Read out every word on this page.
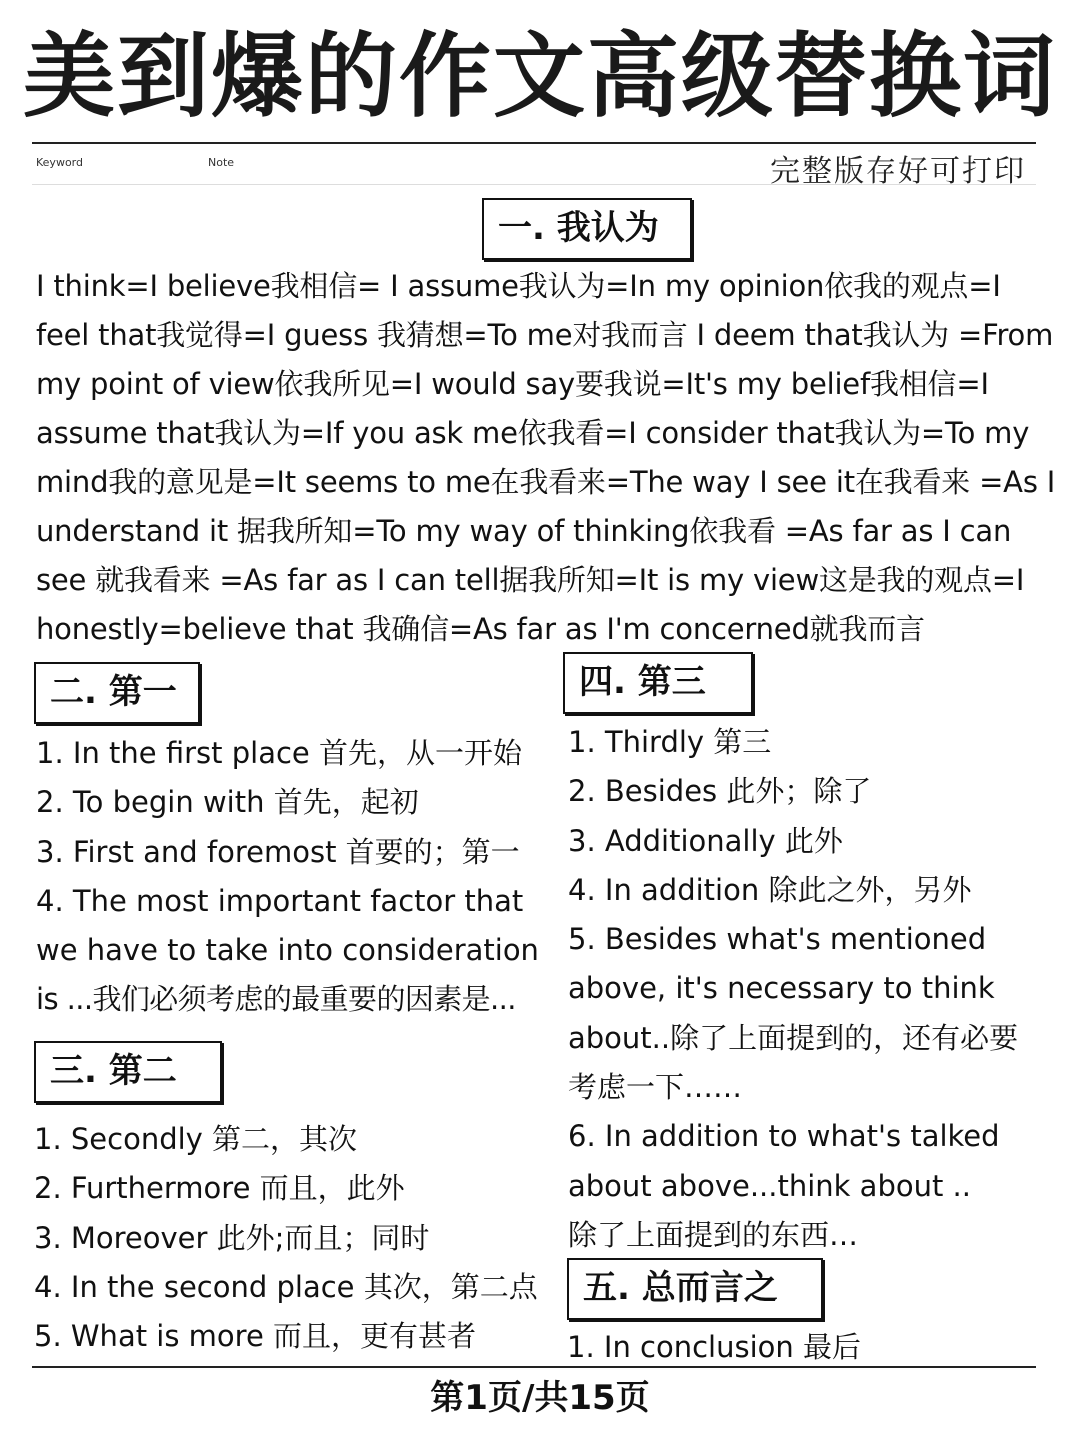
美到爆的作文高级替换词
Keyword	Note	完整版存好可打印
一. 我认为
I think=I believe我相信= I assume我认为=In my opinion依我的观点=I feel that我觉得=I guess 我猜想=To me对我而言 I deem that我认为 =From my point of view依我所见=I would say要我说=It's my belief我相信=I assume that我认为=If you ask me依我看=I consider that我认为=To my mind我的意见是=It seems to me在我看来=The way I see it在我看来 =As I understand it 据我所知=To my way of thinking依我看 =As far as I can see 就我看来 =As far as I can tell据我所知=It is my view这是我的观点=I honestly=believe that 我确信=As far as I'm concerned就我而言
二. 第一
1. In the first place 首先，从一开始
2. To begin with 首先，起初
3. First and foremost 首要的；第一
4. The most important factor that
we have to take into consideration
is ...我们必须考虑的最重要的因素是...
三. 第二
1. Secondly 第二，其次
2. Furthermore 而且，此外
3. Moreover 此外;而且；同时
4. In the second place 其次，第二点
5. What is more 而且，更有甚者
四. 第三
1. Thirdly 第三
2. Besides 此外；除了
3. Additionally 此外
4. In addition 除此之外，另外
5. Besides what's mentioned
above, it's necessary to think
about..除了上面提到的，还有必要
考虑一下……
6. In addition to what's talked
about above...think about ..
除了上面提到的东西…
五. 总而言之
1. In conclusion 最后
第1页/共15页
